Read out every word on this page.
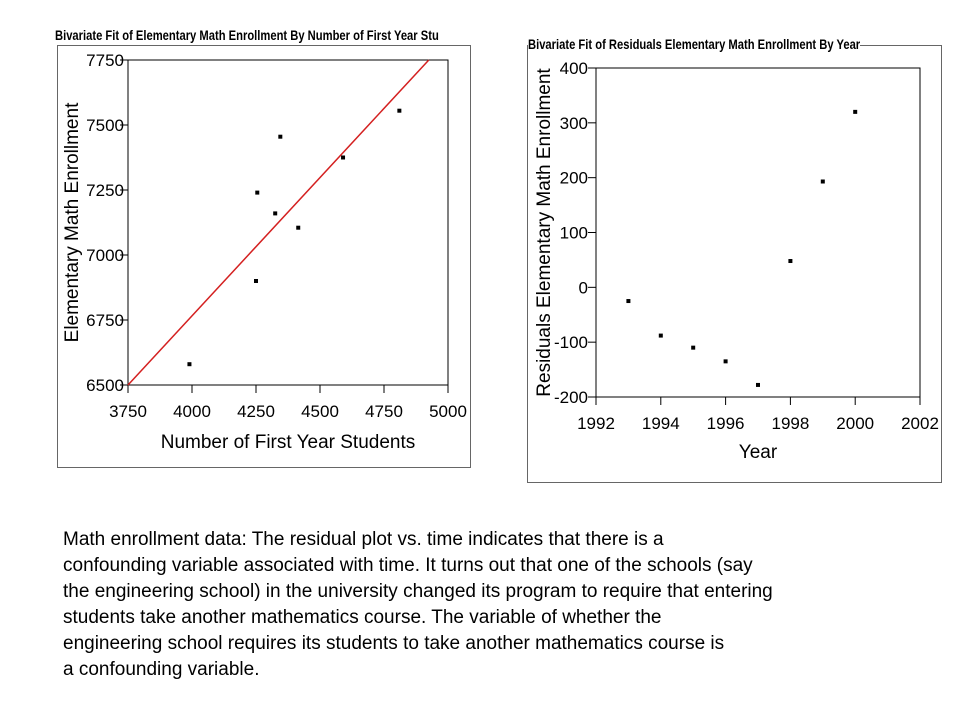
Bivariate Fit of Elementary Math Enrollment By Number of First Year Stu
Bivariate Fit of Residuals Elementary Math Enrollment By Year
6500
6750
7000
7250
7500
7750
3750 4000 4250 4500 4750 5000
Number of First Year Students
Elementary Math Enrollment
-200
-100
0
100
200
300
400
1992 1994 1996 1998 2000 2002
Year
Residuals Elementary Math Enrollment
Math enrollment data: The residual plot vs. time indicates that there is a
confounding variable associated with time. It turns out that one of the schools (say
the engineering school) in the university changed its program to require that entering
students take another mathematics course. The variable of whether the
engineering school requires its students to take another mathematics course is
a confounding variable.
